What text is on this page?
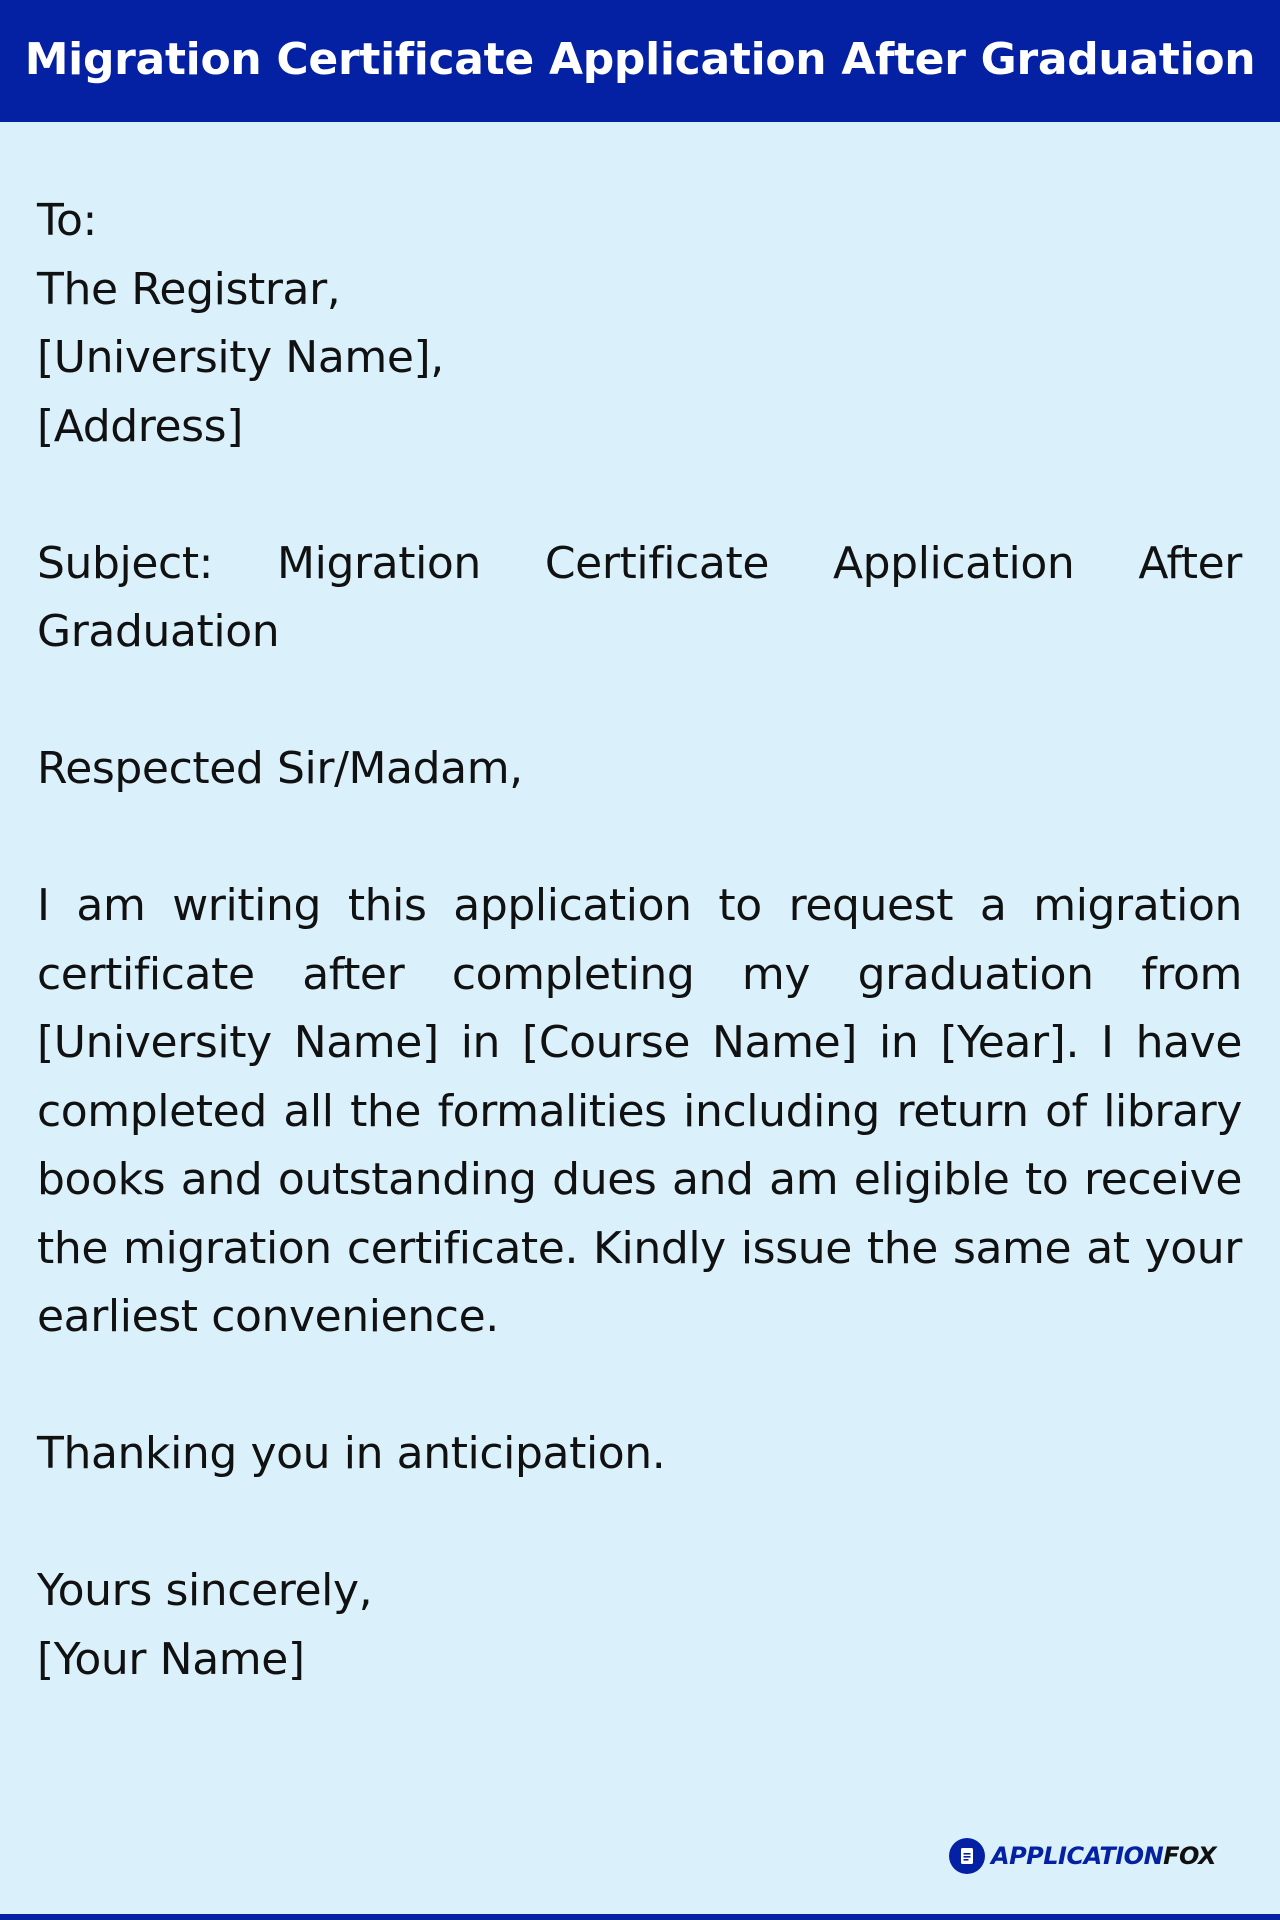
Migration Certificate Application After Graduation
To:
The Registrar,
[University Name],
[Address]
Subject: Migration Certificate Application After Graduation
Respected Sir/Madam,
I am writing this application to request a migration certificate after completing my graduation from [University Name] in [Course Name] in [Year]. I have completed all the formalities including return of library books and outstanding dues and am eligible to receive the migration certificate. Kindly issue the same at your earliest convenience.
Thanking you in anticipation.
Yours sincerely,
[Your Name]
APPLICATIONFOX
